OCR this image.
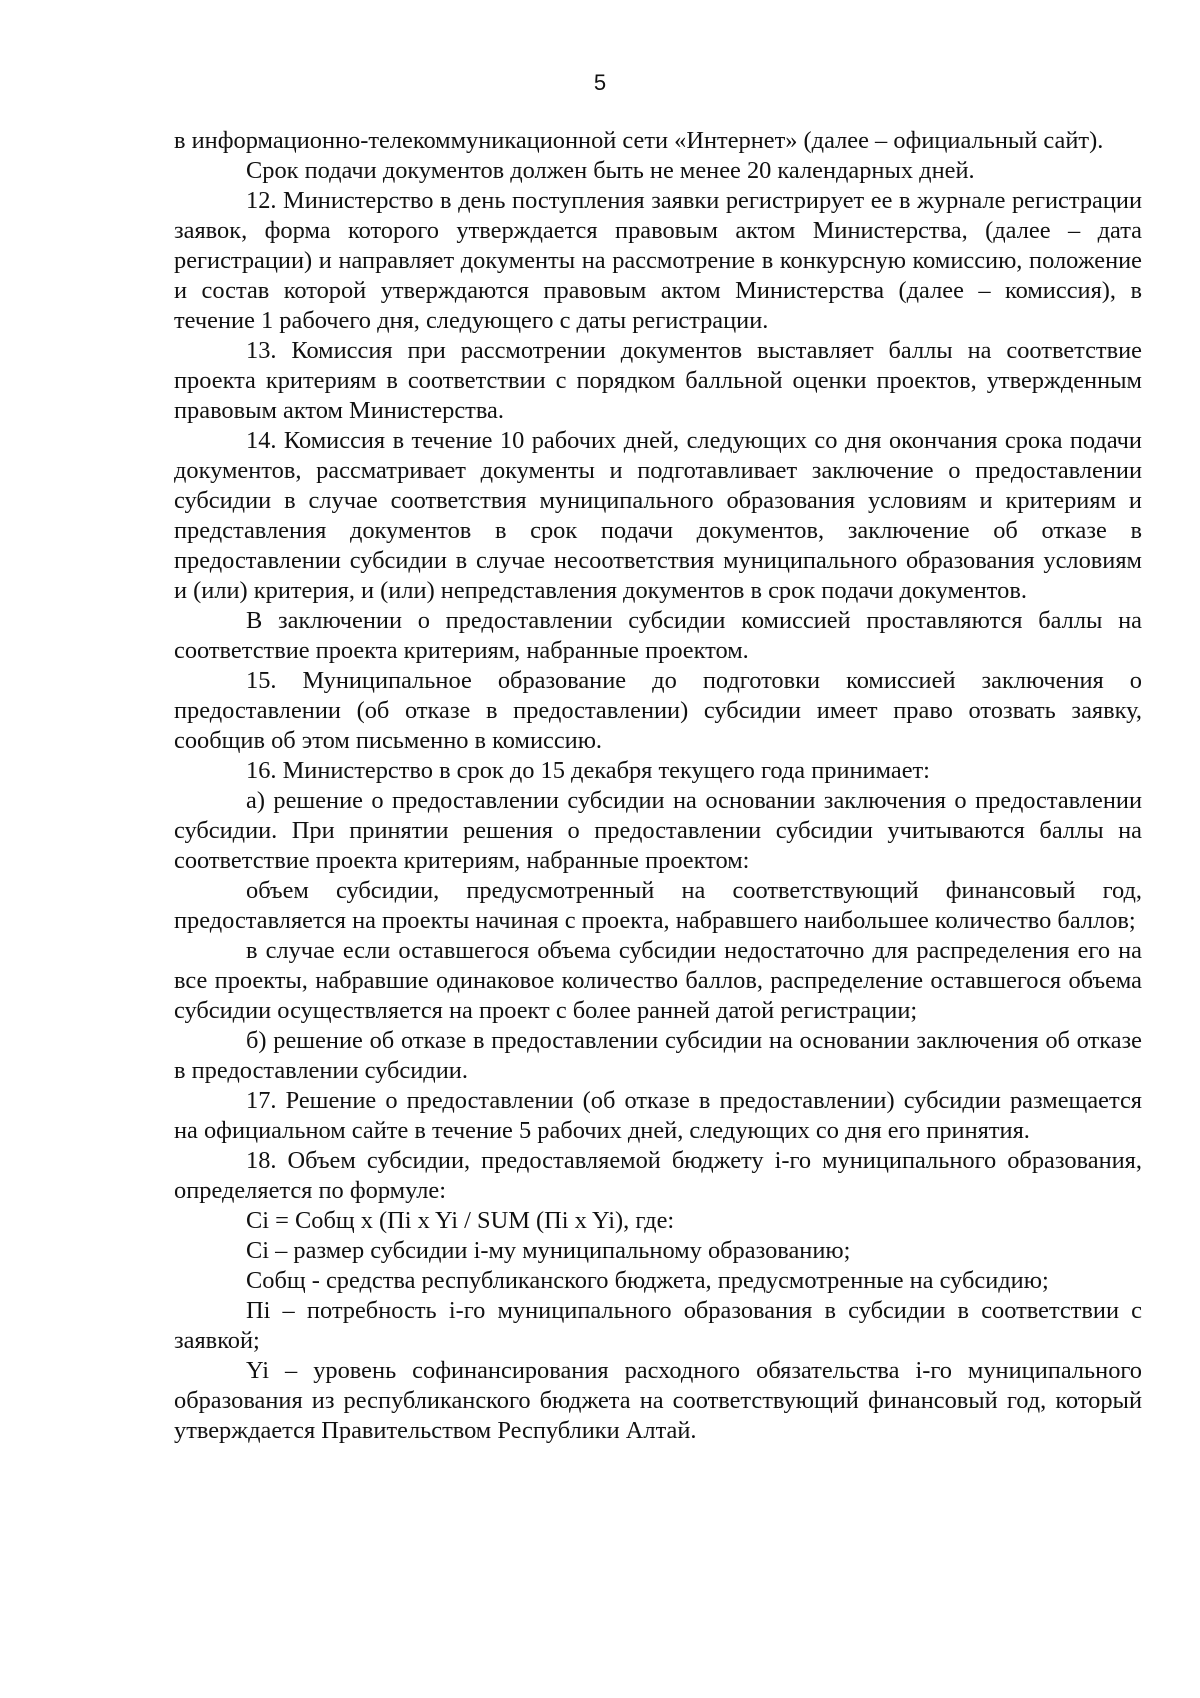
5

в информационно-телекоммуникационной сети «Интернет» (далее – официальный сайт).

Срок подачи документов должен быть не менее 20 календарных дней.

12. Министерство в день поступления заявки регистрирует ее в журнале регистрации заявок, форма которого утверждается правовым актом Министерства, (далее – дата регистрации) и направляет документы на рассмотрение в конкурсную комиссию, положение и состав которой утверждаются правовым актом Министерства (далее – комиссия), в течение 1 рабочего дня, следующего с даты регистрации.

13. Комиссия при рассмотрении документов выставляет баллы на соответствие проекта критериям в соответствии с порядком балльной оценки проектов, утвержденным правовым актом Министерства.

14. Комиссия в течение 10 рабочих дней, следующих со дня окончания срока подачи документов, рассматривает документы и подготавливает заключение о предоставлении субсидии в случае соответствия муниципального образования условиям и критериям и представления документов в срок подачи документов, заключение об отказе в предоставлении субсидии в случае несоответствия муниципального образования условиям и (или) критерия, и (или) непредставления документов в срок подачи документов.

В заключении о предоставлении субсидии комиссией проставляются баллы на соответствие проекта критериям, набранные проектом.

15. Муниципальное образование до подготовки комиссией заключения о предоставлении (об отказе в предоставлении) субсидии имеет право отозвать заявку, сообщив об этом письменно в комиссию.

16. Министерство в срок до 15 декабря текущего года принимает:

а) решение о предоставлении субсидии на основании заключения о предоставлении субсидии. При принятии решения о предоставлении субсидии учитываются баллы на соответствие проекта критериям, набранные проектом:

объем субсидии, предусмотренный на соответствующий финансовый год, предоставляется на проекты начиная с проекта, набравшего наибольшее количество баллов;

в случае если оставшегося объема субсидии недостаточно для распределения его на все проекты, набравшие одинаковое количество баллов, распределение оставшегося объема субсидии осуществляется на проект с более ранней датой регистрации;

б) решение об отказе в предоставлении субсидии на основании заключения об отказе в предоставлении субсидии.

17. Решение о предоставлении (об отказе в предоставлении) субсидии размещается на официальном сайте в течение 5 рабочих дней, следующих со дня его принятия.

18. Объем субсидии, предоставляемой бюджету i-го муниципального образования, определяется по формуле:

Ci = Cобщ x (Пi x Yi / SUM (Пi x Yi), где:

Ci – размер субсидии i-му муниципальному образованию;

Cобщ - средства республиканского бюджета, предусмотренные на субсидию;

Пi – потребность i-го муниципального образования в субсидии в соответствии с заявкой;

Yi – уровень софинансирования расходного обязательства i-го муниципального образования из республиканского бюджета на соответствующий финансовый год, который утверждается Правительством Республики Алтай.
